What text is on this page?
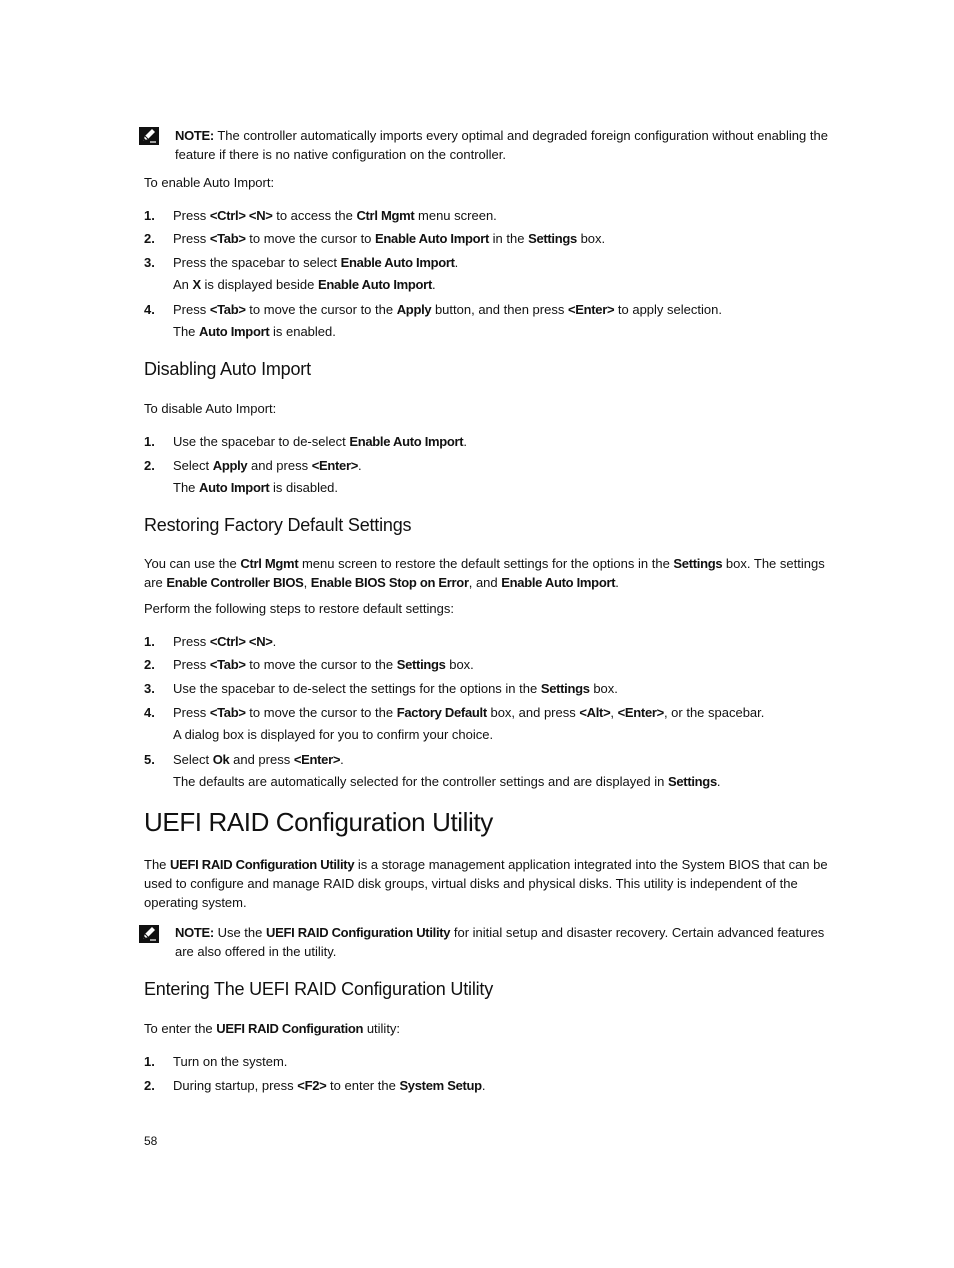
NOTE: The controller automatically imports every optimal and degraded foreign configuration without enabling the feature if there is no native configuration on the controller.
To enable Auto Import:
1. Press <Ctrl> <N> to access the Ctrl Mgmt menu screen.
2. Press <Tab> to move the cursor to Enable Auto Import in the Settings box.
3. Press the spacebar to select Enable Auto Import.
An X is displayed beside Enable Auto Import.
4. Press <Tab> to move the cursor to the Apply button, and then press <Enter> to apply selection.
The Auto Import is enabled.
Disabling Auto Import
To disable Auto Import:
1. Use the spacebar to de-select Enable Auto Import.
2. Select Apply and press <Enter>.
The Auto Import is disabled.
Restoring Factory Default Settings
You can use the Ctrl Mgmt menu screen to restore the default settings for the options in the Settings box. The settings are Enable Controller BIOS, Enable BIOS Stop on Error, and Enable Auto Import.
Perform the following steps to restore default settings:
1. Press <Ctrl> <N>.
2. Press <Tab> to move the cursor to the Settings box.
3. Use the spacebar to de-select the settings for the options in the Settings box.
4. Press <Tab> to move the cursor to the Factory Default box, and press <Alt>, <Enter>, or the spacebar.
A dialog box is displayed for you to confirm your choice.
5. Select Ok and press <Enter>.
The defaults are automatically selected for the controller settings and are displayed in Settings.
UEFI RAID Configuration Utility
The UEFI RAID Configuration Utility is a storage management application integrated into the System BIOS that can be used to configure and manage RAID disk groups, virtual disks and physical disks. This utility is independent of the operating system.
NOTE: Use the UEFI RAID Configuration Utility for initial setup and disaster recovery. Certain advanced features are also offered in the utility.
Entering The UEFI RAID Configuration Utility
To enter the UEFI RAID Configuration utility:
1. Turn on the system.
2. During startup, press <F2> to enter the System Setup.
58
